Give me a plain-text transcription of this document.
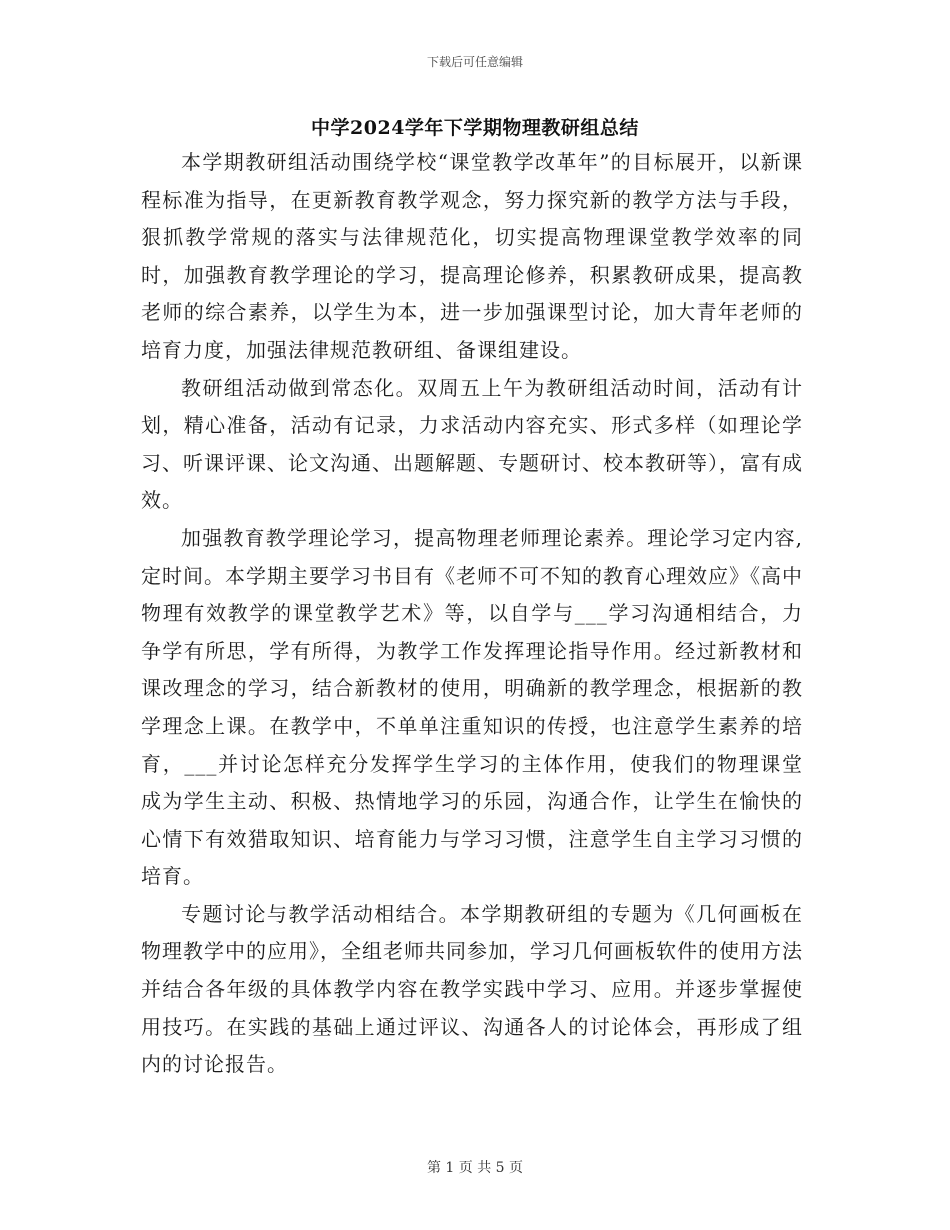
下载后可任意编辑
中学2024学年下学期物理教研组总结

本学期教研组活动围绕学校“课堂教学改革年”的目标展开，以新课程标准为指导，在更新教育教学观念，努力探究新的教学方法与手段，狠抓教学常规的落实与法律规范化，切实提高物理课堂教学效率的同时，加强教育教学理论的学习，提高理论修养，积累教研成果，提高教老师的综合素养，以学生为本，进一步加强课型讨论，加大青年老师的培育力度，加强法律规范教研组、备课组建设。

教研组活动做到常态化。双周五上午为教研组活动时间，活动有计划，精心准备，活动有记录，力求活动内容充实、形式多样（如理论学习、听课评课、论文沟通、出题解题、专题研讨、校本教研等），富有成效。

加强教育教学理论学习，提高物理老师理论素养。理论学习定内容,定时间。本学期主要学习书目有《老师不可不知的教育心理效应》《高中物理有效教学的课堂教学艺术》等，以自学与___学习沟通相结合，力争学有所思，学有所得，为教学工作发挥理论指导作用。经过新教材和课改理念的学习，结合新教材的使用，明确新的教学理念，根据新的教学理念上课。在教学中，不单单注重知识的传授，也注意学生素养的培育，___并讨论怎样充分发挥学生学习的主体作用，使我们的物理课堂成为学生主动、积极、热情地学习的乐园，沟通合作，让学生在愉快的心情下有效猎取知识、培育能力与学习习惯，注意学生自主学习习惯的培育。

专题讨论与教学活动相结合。本学期教研组的专题为《几何画板在物理教学中的应用》，全组老师共同参加，学习几何画板软件的使用方法并结合各年级的具体教学内容在教学实践中学习、应用。并逐步掌握使用技巧。在实践的基础上通过评议、沟通各人的讨论体会，再形成了组内的讨论报告。

第 1 页 共 5 页
